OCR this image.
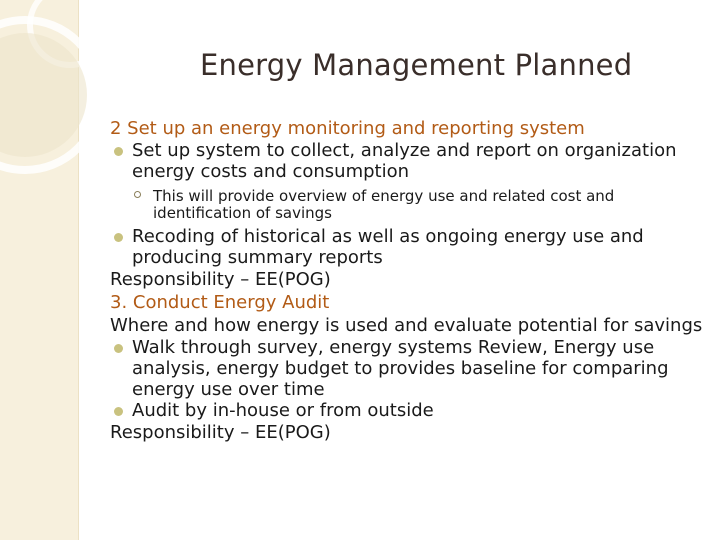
Energy Management Planned
2 Set up an energy monitoring and reporting system
Set up system to collect, analyze and report on organization
energy costs and consumption
This will provide overview of energy use and related cost and
identification of savings
Recoding of historical as well as ongoing energy use and
producing summary reports
Responsibility – EE(POG)
3. Conduct Energy Audit
Where and how energy is used and evaluate potential for savings
Walk through survey, energy systems Review, Energy use
analysis, energy budget to provides baseline for comparing
energy use over time
Audit by in-house or from outside
Responsibility – EE(POG)
